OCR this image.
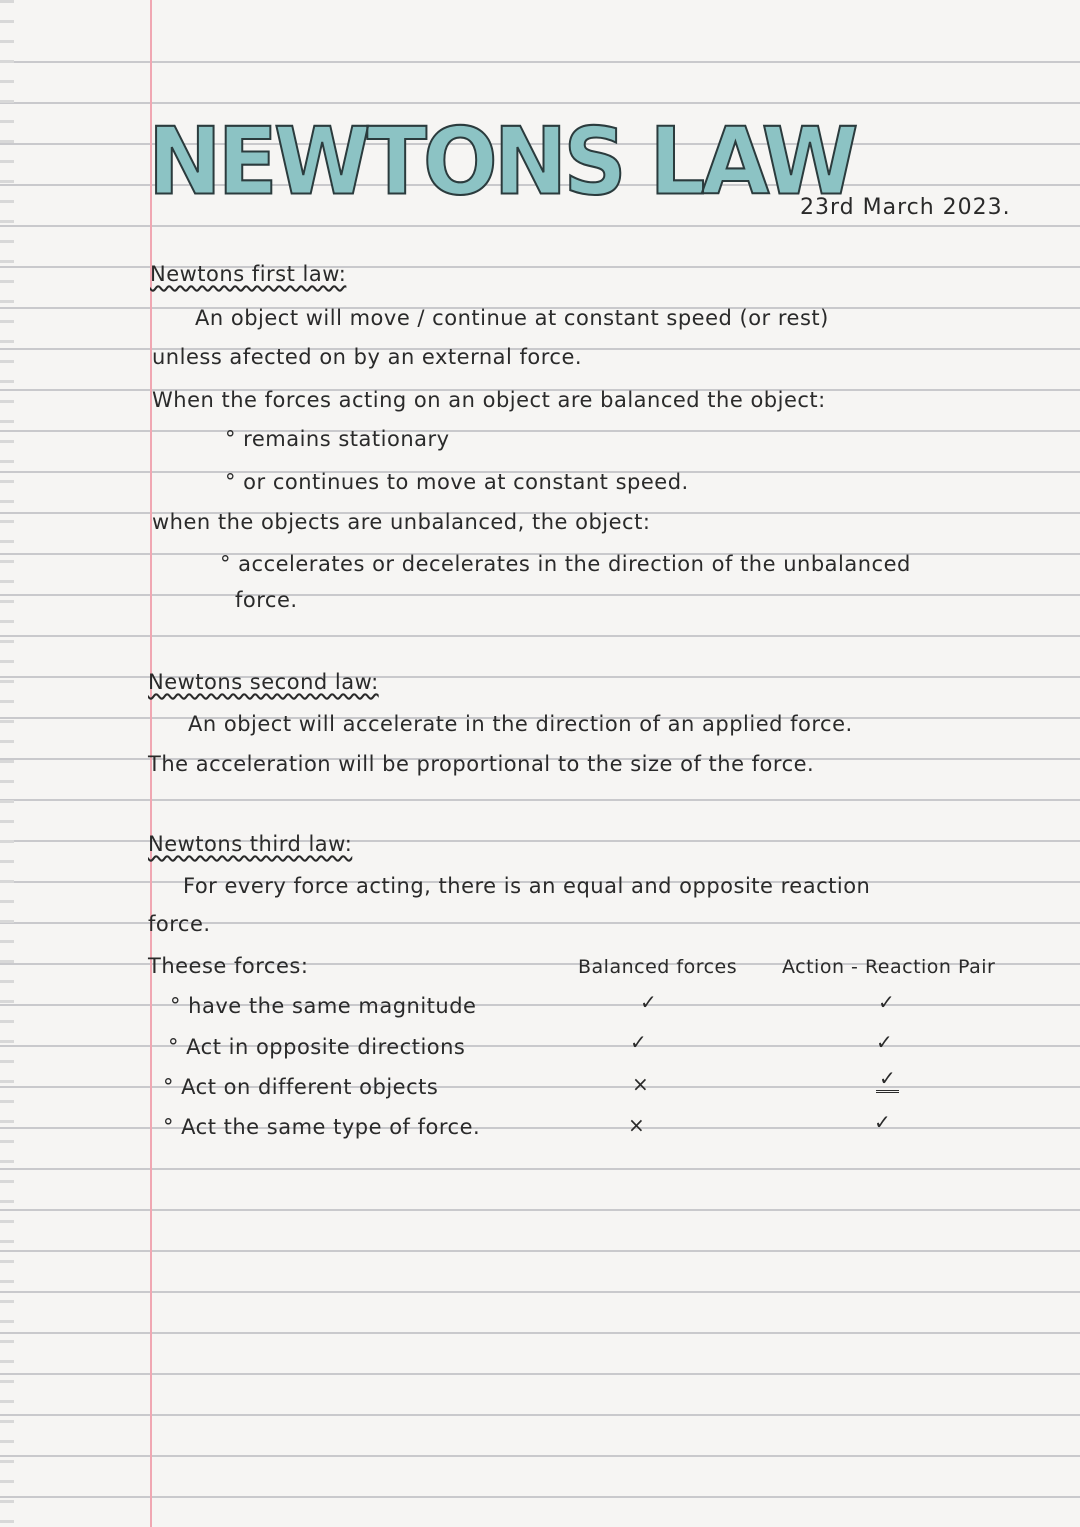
NEWTONS LAW
23rd March 2023.
Newtons first law:
An object will move / continue at constant speed (or rest)
unless afected on by an external force.
When the forces acting on an object are balanced the object:
° remains stationary
° or continues to move at constant speed.
when the objects are unbalanced, the object:
° accelerates or decelerates in the direction of the unbalanced
force.
Newtons second law:
An object will accelerate in the direction of an applied force.
The acceleration will be proportional to the size of the force.
Newtons third law:
For every force acting, there is an equal and opposite reaction
force.
Theese forces:	Balanced forces Action - Reaction Pair
° have the same magnitude	✓	✓
° Act in opposite directions	✓	✓
° Act on different objects	×	✓
° Act the same type of force.	×	✓
